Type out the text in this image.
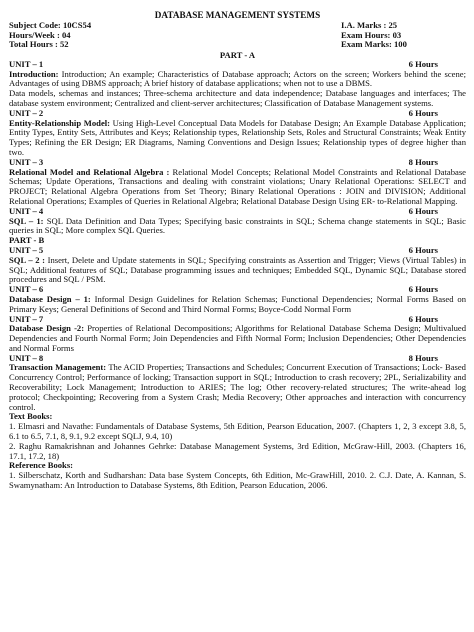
DATABASE MANAGEMENT SYSTEMS
Subject Code: 10CS54	I.A. Marks : 25
Hours/Week : 04	Exam Hours: 03
Total Hours : 52	Exam Marks: 100
PART - A
UNIT – 1	6 Hours

Introduction: Introduction; An example; Characteristics of Database approach; Actors on the screen; Workers behind the scene; Advantages of using DBMS approach; A brief history of database applications; when not to use a DBMS.

Data models, schemas and instances; Three-schema architecture and data independence; Database languages and interfaces; The database system environment; Centralized and client-server architectures; Classification of Database Management systems.

UNIT – 2	6 Hours

Entity-Relationship Model: Using High-Level Conceptual Data Models for Database Design; An Example Database Application; Entity Types, Entity Sets, Attributes and Keys; Relationship types, Relationship Sets, Roles and Structural Constraints; Weak Entity Types; Refining the ER Design; ER Diagrams, Naming Conventions and Design Issues; Relationship types of degree higher than two.

UNIT – 3	8 Hours

Relational Model and Relational Algebra : Relational Model Concepts; Relational Model Constraints and Relational Database Schemas; Update Operations, Transactions and dealing with constraint violations; Unary Relational Operations: SELECT and PROJECT; Relational Algebra Operations from Set Theory; Binary Relational Operations : JOIN and DIVISION; Additional Relational Operations; Examples of Queries in Relational Algebra; Relational Database Design Using ER- to-Relational Mapping.

UNIT – 4	6 Hours

SQL – 1: SQL Data Definition and Data Types; Specifying basic constraints in SQL; Schema change statements in SQL; Basic queries in SQL; More complex SQL Queries.

PART - B
UNIT – 5	6 Hours

SQL – 2 : Insert, Delete and Update statements in SQL; Specifying constraints as Assertion and Trigger; Views (Virtual Tables) in SQL; Additional features of SQL; Database programming issues and techniques; Embedded SQL, Dynamic SQL; Database stored procedures and SQL / PSM.

UNIT – 6	6 Hours

Database Design – 1: Informal Design Guidelines for Relation Schemas; Functional Dependencies; Normal Forms Based on Primary Keys; General Definitions of Second and Third Normal Forms; Boyce-Codd Normal Form

UNIT – 7	6 Hours

Database Design -2: Properties of Relational Decompositions; Algorithms for Relational Database Schema Design; Multivalued Dependencies and Fourth Normal Form; Join Dependencies and Fifth Normal Form; Inclusion Dependencies; Other Dependencies and Normal Forms

UNIT – 8	8 Hours

Transaction Management: The ACID Properties; Transactions and Schedules; Concurrent Execution of Transactions; Lock- Based Concurrency Control; Performance of locking; Transaction support in SQL; Introduction to crash recovery; 2PL, Serializability and Recoverability; Lock Management; Introduction to ARIES; The log; Other recovery-related structures; The write-ahead log protocol; Checkpointing; Recovering from a System Crash; Media Recovery; Other approaches and interaction with concurrency control.

Text Books:

1. Elmasri and Navathe: Fundamentals of Database Systems, 5th Edition, Pearson Education, 2007. (Chapters 1, 2, 3 except 3.8, 5, 6.1 to 6.5, 7.1, 8, 9.1, 9.2 except SQLJ, 9.4, 10)

2. Raghu Ramakrishnan and Johannes Gehrke: Database Management Systems, 3rd Edition, McGraw-Hill, 2003. (Chapters 16, 17.1, 17.2, 18)

Reference Books:

1. Silberschatz, Korth and Sudharshan: Data base System Concepts, 6th Edition, Mc-GrawHill, 2010. 2. C.J. Date, A. Kannan, S. Swamynatham: An Introduction to Database Systems, 8th Edition, Pearson Education, 2006.
